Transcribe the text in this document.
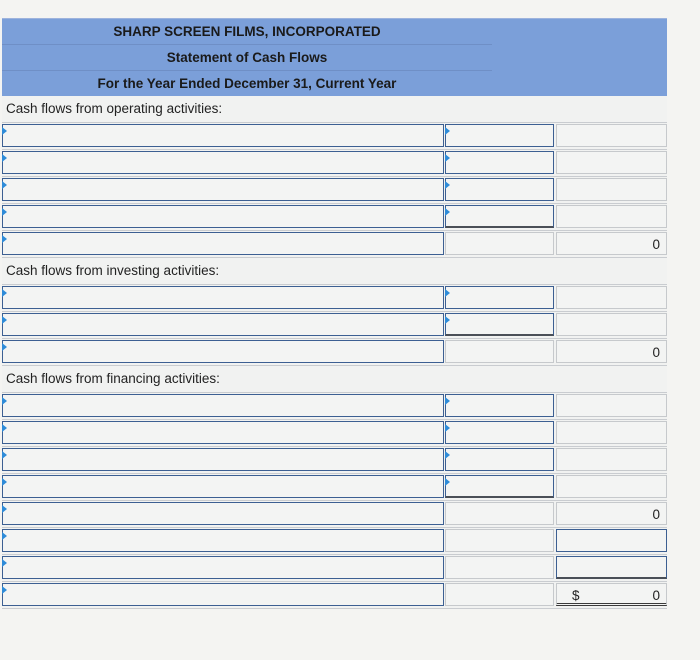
SHARP SCREEN FILMS, INCORPORATED
Statement of Cash Flows
For the Year Ended December 31, Current Year
Cash flows from operating activities:
0
Cash flows from investing activities:
0
Cash flows from financing activities:
0
$	0
